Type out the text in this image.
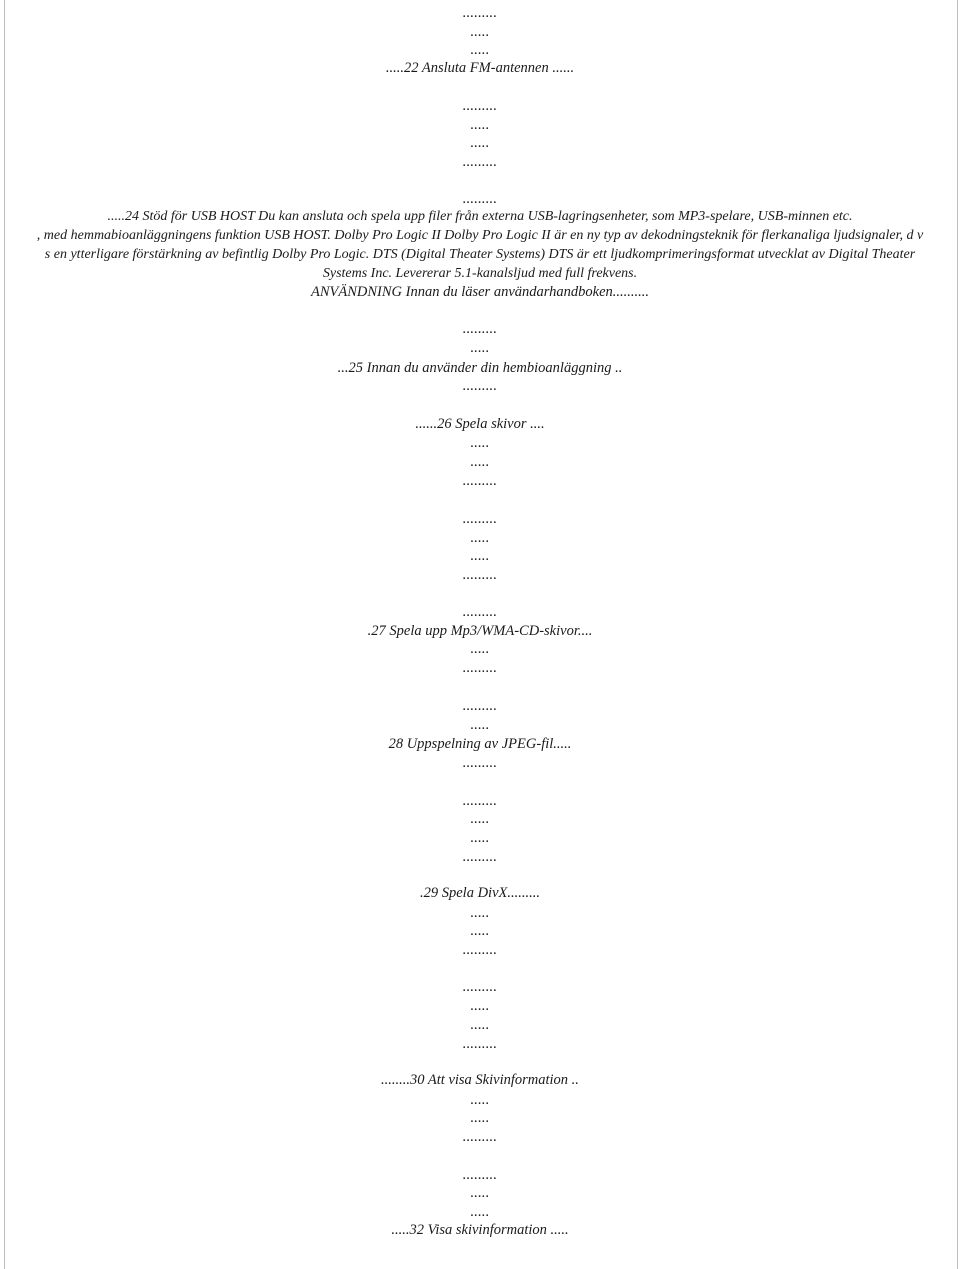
.........
.....
.....
.....22 Ansluta FM-antennen ......
.........
.....
.....
.........
.........
.....24 Stöd för USB HOST Du kan ansluta och spela upp filer från externa USB-lagringsenheter, som MP3-spelare, USB-minnen etc.
, med hemmabioanläggningens funktion USB HOST. Dolby Pro Logic II Dolby Pro Logic II är en ny typ av dekodningsteknik för flerkanaliga ljudsignaler, d v
s en ytterligare förstärkning av befintlig Dolby Pro Logic. DTS (Digital Theater Systems) DTS är ett ljudkomprimeringsformat utvecklat av Digital Theater
Systems Inc. Levererar 5.1-kanalsljud med full frekvens.
ANVÄNDNING Innan du läser användarhandboken..........
.........
.....
...25 Innan du använder din hembioanläggning ..
.........
......26 Spela skivor ....
.....
.....
.........
.........
.....
.....
.........
.........
.27 Spela upp Mp3/WMA-CD-skivor....
.....
.........
.........
.....
28 Uppspelning av JPEG-fil.....
.........
.........
.....
.....
.........
.29 Spela DivX.........
.....
.....
.........
.........
.....
.....
.........
........30 Att visa Skivinformation ..
.....
.....
.........
.........
.....
.....
.....32 Visa skivinformation .....
